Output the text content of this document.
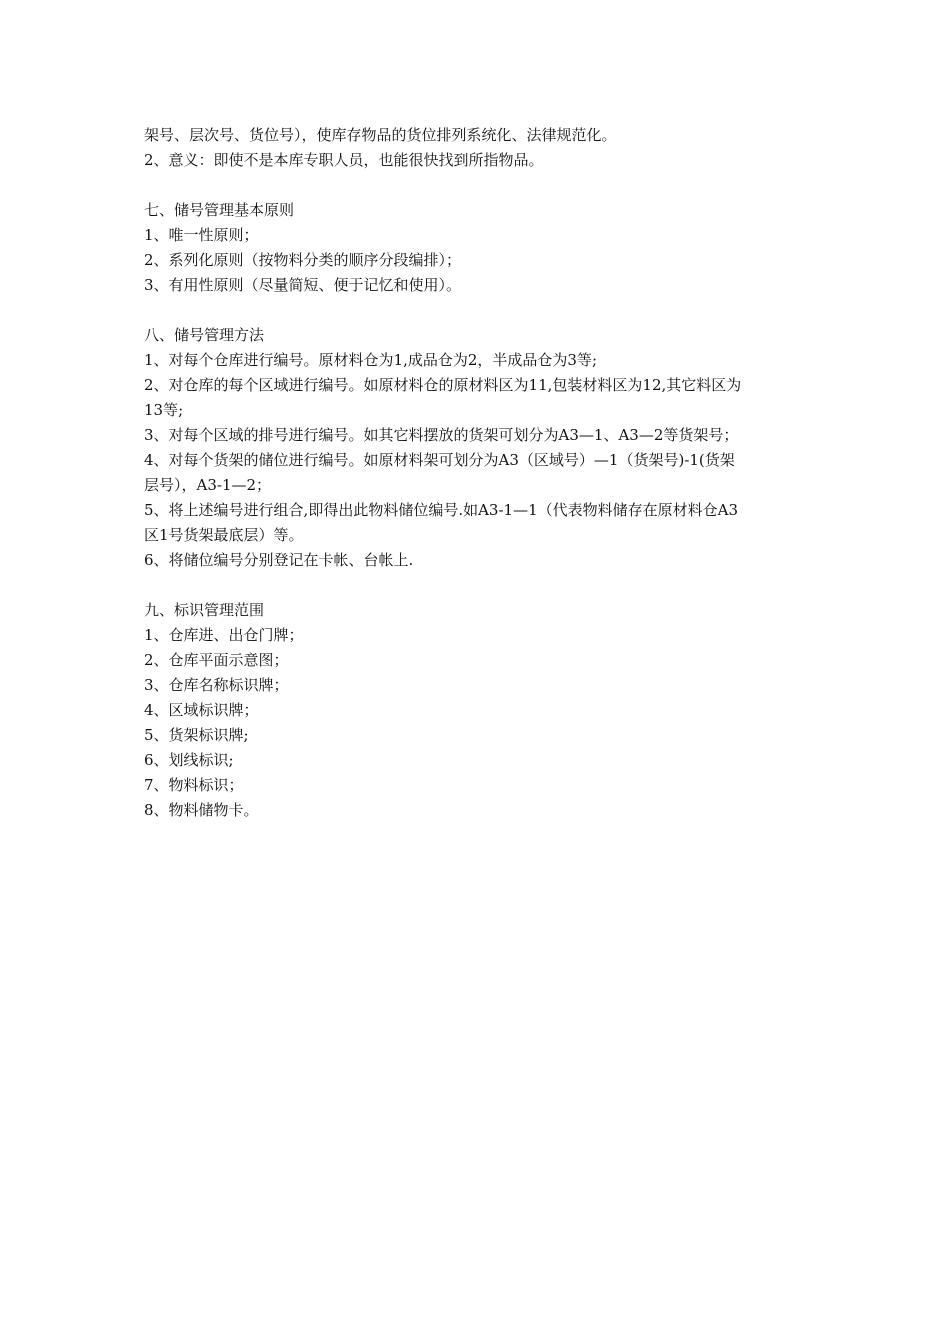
架号、层次号、货位号），使库存物品的货位排列系统化、法律规范化。
2、意义：即使不是本库专职人员，也能很快找到所指物品。
七、储号管理基本原则
1、唯一性原则；
2、系列化原则（按物料分类的顺序分段编排）；
3、有用性原则（尽量简短、便于记忆和使用）。
八、储号管理方法
1、对每个仓库进行编号。原材料仓为1,成品仓为2，半成品仓为3等;
2、对仓库的每个区域进行编号。如原材料仓的原材料区为11,包装材料区为12,其它料区为
13等;
3、对每个区域的排号进行编号。如其它料摆放的货架可划分为A3—1、A3—2等货架号；
4、对每个货架的储位进行编号。如原材料架可划分为A3（区域号）—1（货架号)-1(货架
层号），A3-1—2；
5、将上述编号进行组合,即得出此物料储位编号.如A3-1—1（代表物料储存在原材料仓A3
区1号货架最底层）等。
6、将储位编号分别登记在卡帐、台帐上.
九、标识管理范围
1、仓库进、出仓门牌；
2、仓库平面示意图；
3、仓库名称标识牌；
4、区域标识牌；
5、货架标识牌;
6、划线标识;
7、物料标识；
8、物料储物卡。
